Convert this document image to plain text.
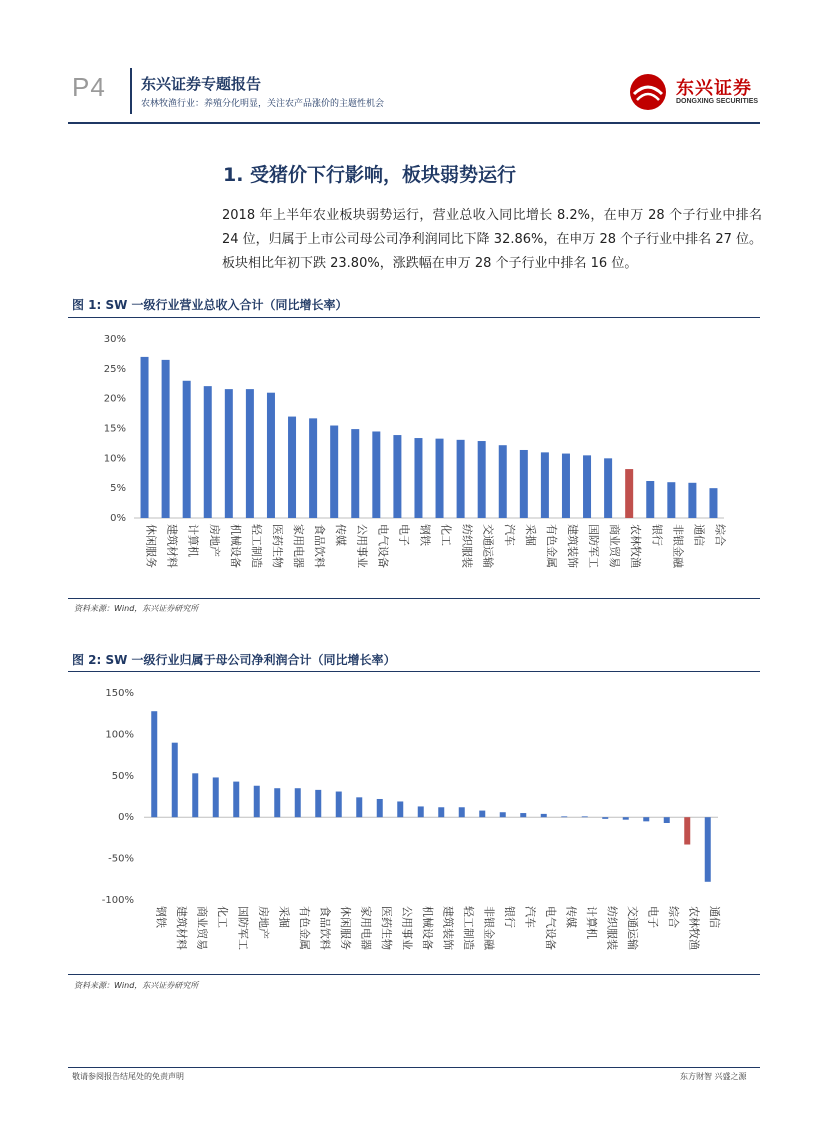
P4 东兴证券专题报告
农林牧渔行业：养殖分化明显，关注农产品涨价的主题性机会
东兴证券
DONGXING SECURITIES
1. 受猪价下行影响，板块弱势运行
2018 年上半年农业板块弱势运行，营业总收入同比增长 8.2%，在申万 28 个子行业中排名 24 位，归属于上市公司母公司净利润同比下降 32.86%，在申万 28 个子行业中排名 27 位。板块相比年初下跌 23.80%，涨跌幅在申万 28 个子行业中排名 16 位。
图 1: SW 一级行业营业总收入合计（同比增长率）
0%
5%
10%
15%
20%
25%
30%
休闲服务 建筑材料 计算机 房地产 机械设备 轻工制造 医药生物 家用电器 食品饮料 传媒 公用事业 电气设备 电子 钢铁 化工 纺织服装 交通运输 汽车 采掘 有色金属 建筑装饰 国防军工 商业贸易 农林牧渔 银行 非银金融 通信 综合
资料来源：Wind，东兴证券研究所
图 2: SW 一级行业归属于母公司净利润合计（同比增长率）
-100%
-50%
0%
50%
100%
150%
钢铁 建筑材料 商业贸易 化工 国防军工 房地产 采掘 有色金属 食品饮料 休闲服务 家用电器 医药生物 公用事业 机械设备 建筑装饰 轻工制造 非银金融 银行 汽车 电气设备 传媒 计算机 纺织服装 交通运输 电子 综合 农林牧渔 通信
资料来源：Wind，东兴证券研究所
敬请参阅报告结尾处的免责声明	东方财智 兴盛之源
